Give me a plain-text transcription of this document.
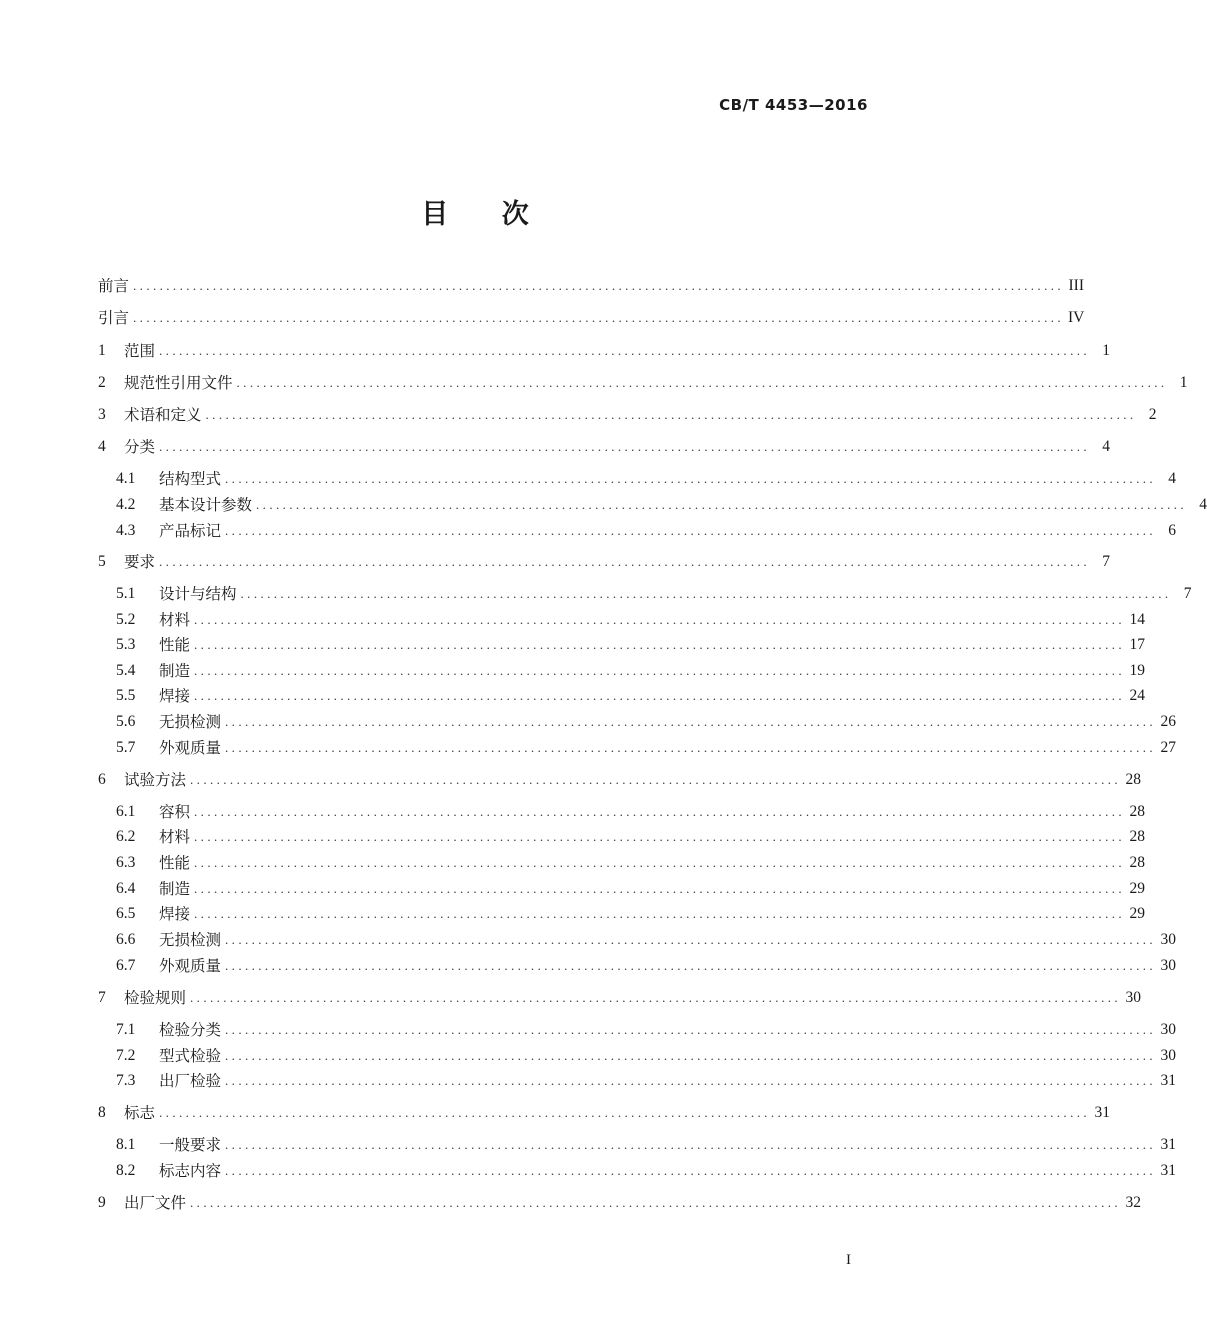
CB/T 4453—2016
目 次
前言 ............................................................................................................................................ III
引言 ............................................................................................................................................ IV
1	范围 ............................................................................................................................................ 1
2	规范性引用文件 ............................................................................................................................................ 1
3	术语和定义 ............................................................................................................................................ 2
4	分类 ............................................................................................................................................ 4
4.1	结构型式 ............................................................................................................................................ 4
4.2	基本设计参数 ............................................................................................................................................ 4
4.3	产品标记 ............................................................................................................................................ 6
5	要求 ............................................................................................................................................ 7
5.1	设计与结构 ............................................................................................................................................ 7
5.2	材料 ............................................................................................................................................ 14
5.3	性能 ............................................................................................................................................ 17
5.4	制造 ............................................................................................................................................ 19
5.5	焊接 ............................................................................................................................................ 24
5.6	无损检测 ............................................................................................................................................ 26
5.7	外观质量 ............................................................................................................................................ 27
6	试验方法 ............................................................................................................................................ 28
6.1	容积 ............................................................................................................................................ 28
6.2	材料 ............................................................................................................................................ 28
6.3	性能 ............................................................................................................................................ 28
6.4	制造 ............................................................................................................................................ 29
6.5	焊接 ............................................................................................................................................ 29
6.6	无损检测 ............................................................................................................................................ 30
6.7	外观质量 ............................................................................................................................................ 30
7	检验规则 ............................................................................................................................................ 30
7.1	检验分类 ............................................................................................................................................ 30
7.2	型式检验 ............................................................................................................................................ 30
7.3	出厂检验 ............................................................................................................................................ 31
8	标志 ............................................................................................................................................ 31
8.1	一般要求 ............................................................................................................................................ 31
8.2	标志内容 ............................................................................................................................................ 31
9	出厂文件 ............................................................................................................................................ 32
I
